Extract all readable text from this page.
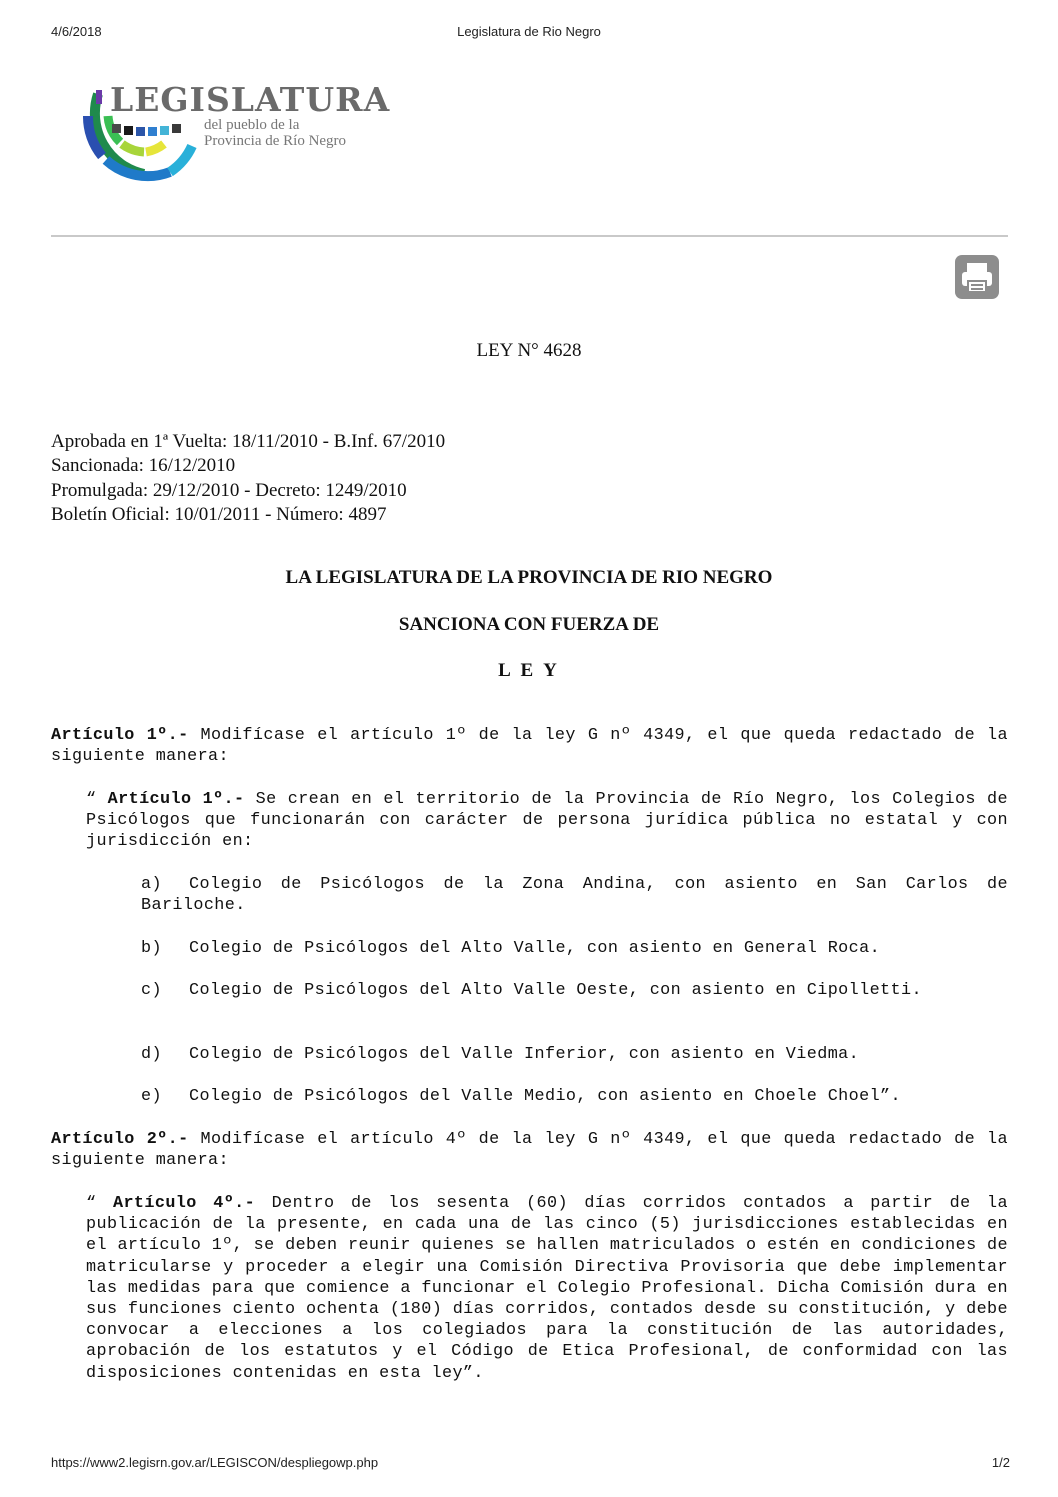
4/6/2018	Legislatura de Rio Negro
LEGISLATURA
del pueblo de la
Provincia de Río Negro
LEY N° 4628
Aprobada en 1ª Vuelta: 18/11/2010 - B.Inf. 67/2010
Sancionada: 16/12/2010
Promulgada: 29/12/2010 - Decreto: 1249/2010
Boletín Oficial: 10/01/2011 - Número: 4897
LA LEGISLATURA DE LA PROVINCIA DE RIO NEGRO
SANCIONA CON FUERZA DE
L E Y
Artículo 1º.- Modifícase el artículo 1º de la ley G nº 4349, el que queda redactado de la siguiente manera:
“ Artículo 1º.- Se crean en el territorio de la Provincia de Río Negro, los Colegios de Psicólogos que funcionarán con carácter de persona jurídica pública no estatal y con jurisdicción en:
a) Colegio de Psicólogos de la Zona Andina, con asiento en San Carlos de Bariloche.
b) Colegio de Psicólogos del Alto Valle, con asiento en General Roca.
c) Colegio de Psicólogos del Alto Valle Oeste, con asiento en Cipolletti.
d) Colegio de Psicólogos del Valle Inferior, con asiento en Viedma.
e) Colegio de Psicólogos del Valle Medio, con asiento en Choele Choel”.
Artículo 2º.- Modifícase el artículo 4º de la ley G nº 4349, el que queda redactado de la siguiente manera:
“ Artículo 4º.- Dentro de los sesenta (60) días corridos contados a partir de la publicación de la presente, en cada una de las cinco (5) jurisdicciones establecidas en el artículo 1º, se deben reunir quienes se hallen matriculados o estén en condiciones de matricularse y proceder a elegir una Comisión Directiva Provisoria que debe implementar las medidas para que comience a funcionar el Colegio Profesional. Dicha Comisión dura en sus funciones ciento ochenta (180) días corridos, contados desde su constitución, y debe convocar a elecciones a los colegiados para la constitución de las autoridades, aprobación de los estatutos y el Código de Etica Profesional, de conformidad con las disposiciones contenidas en esta ley”.
https://www2.legisrn.gov.ar/LEGISCON/despliegowp.php	1/2
